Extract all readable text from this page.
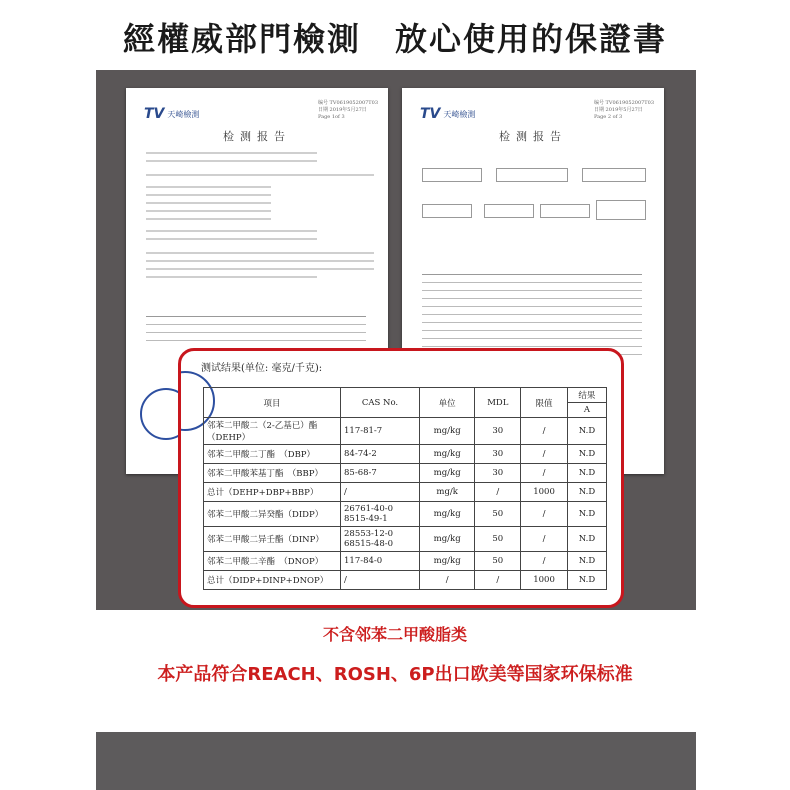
經權威部門檢測　放心使用的保證書
TV 天崎檢測
编号 TV0619052007T03
日期 2019年5月27日
Page 1of 3
检测报告
TV 天崎檢測
编号 TV0619052007T03
日期 2019年5月27日
Page 2 of 3
检测报告
测试结果(单位: 毫克/千克):
项目	CAS No.	单位	MDL	限值	结果
					A
邻苯二甲酸二（2-乙基已）酯（DEHP）	117-81-7	mg/kg	30	/	N.D
邻苯二甲酸二丁酯　（DBP）	84-74-2	mg/kg	30	/	N.D
邻苯二甲酸苯基丁酯　（BBP）	85-68-7	mg/kg	30	/	N.D
总计（DEHP+DBP+BBP）	/	mg/k	/	1000	N.D
邻苯二甲酸二异癸酯（DIDP）	26761-40-0
8515-49-1	mg/kg	50	/	N.D
邻苯二甲酸二异壬酯（DINP）	28553-12-0
68515-48-0	mg/kg	50	/	N.D
邻苯二甲酸二辛酯　（DNOP）	117-84-0	mg/kg	50	/	N.D
总计（DIDP+DINP+DNOP）	/	/	/	1000	N.D
不含邻苯二甲酸脂类
本产品符合REACH、ROSH、6P出口欧美等国家环保标准
